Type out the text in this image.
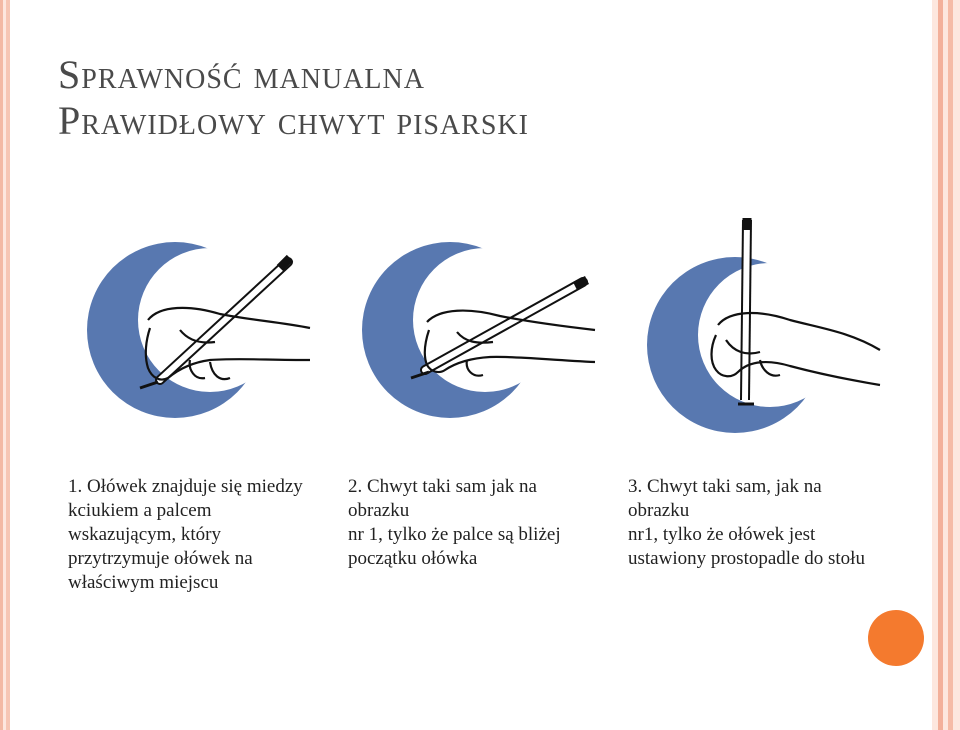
Sprawność manualna
Prawidłowy chwyt pisarski

1. Ołówek znajduje się miedzy
kciukiem a palcem
wskazującym, który
przytrzymuje ołówek na
właściwym miejscu

2. Chwyt taki sam jak na
obrazku
nr 1, tylko że palce są bliżej
początku ołówka

3. Chwyt taki sam, jak na
obrazku
nr1, tylko że ołówek jest
ustawiony prostopadle do stołu
